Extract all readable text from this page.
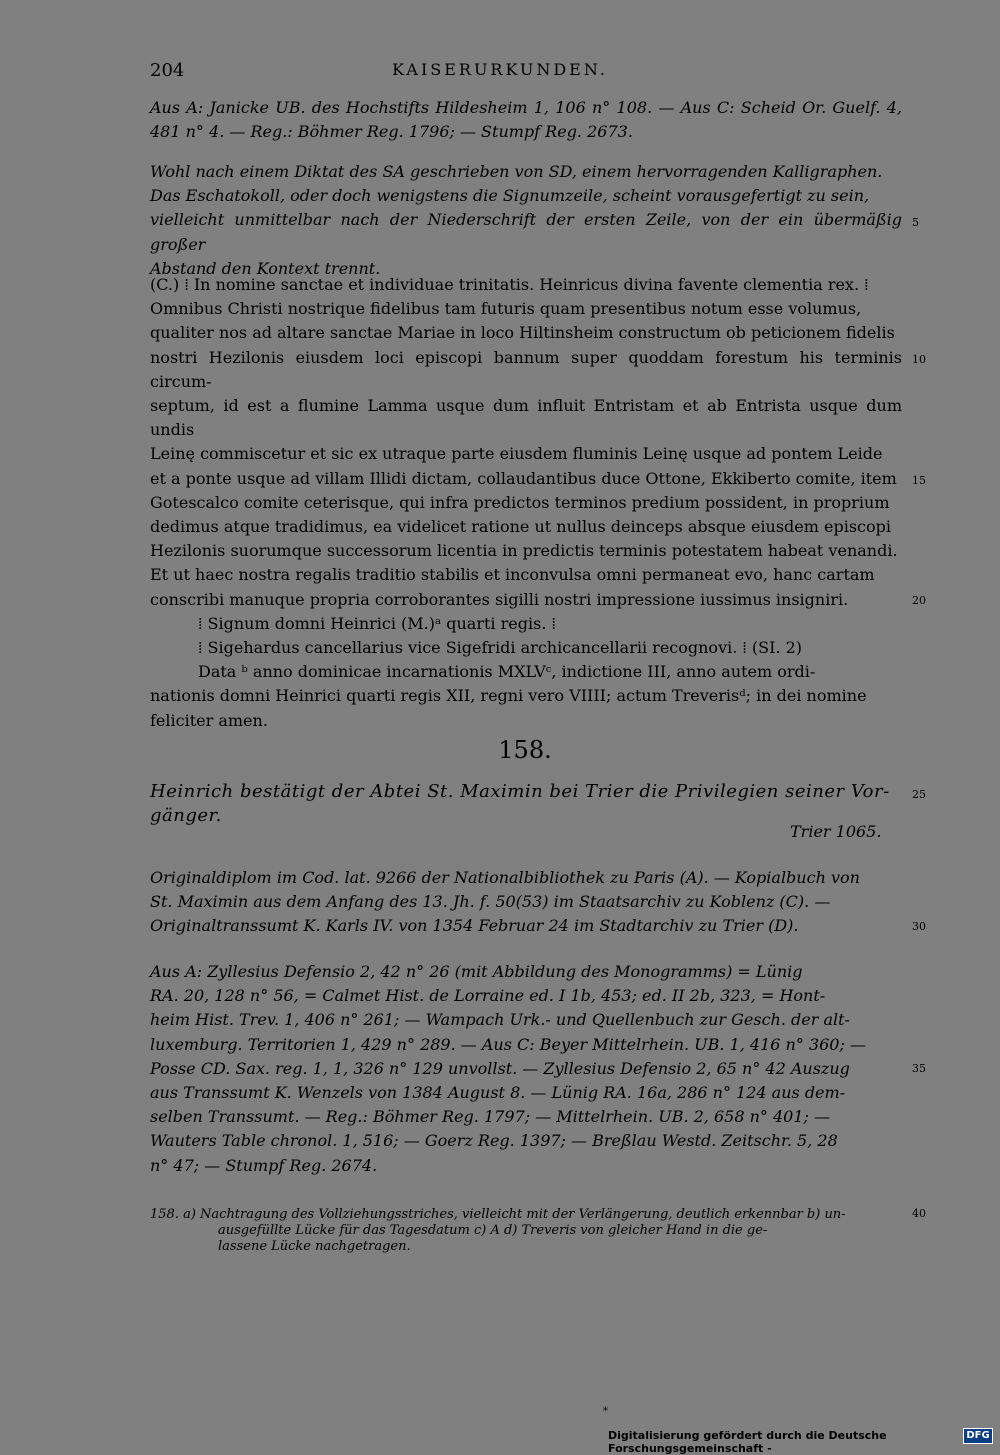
204	KAISERURKUNDEN.
Aus A: Janicke UB. des Hochstifts Hildesheim 1, 106 n° 108. — Aus C: Scheid Or. Guelf. 4, 481 n° 4. — Reg.: Böhmer Reg. 1796; — Stumpf Reg. 2673.
Wohl nach einem Diktat des SA geschrieben von SD, einem hervorragenden Kalligraphen.
Das Eschatokoll, oder doch wenigstens die Signumzeile, scheint vorausgefertigt zu sein,
vielleicht unmittelbar nach der Niederschrift der ersten Zeile, von der ein übermäßig großer
Abstand den Kontext trennt.
(C.) ⁞ In nomine sanctae et individuae trinitatis. Heinricus divina favente clementia rex. ⁞
Omnibus Christi nostrique fidelibus tam futuris quam presentibus notum esse volumus,
qualiter nos ad altare sanctae Mariae in loco Hiltinsheim constructum ob peticionem fidelis
nostri Hezilonis eiusdem loci episcopi bannum super quoddam forestum his terminis circum-
septum, id est a flumine Lamma usque dum influit Entristam et ab Entrista usque dum undis
Leinę commiscetur et sic ex utraque parte eiusdem fluminis Leinę usque ad pontem Leide
et a ponte usque ad villam Illidi dictam, collaudantibus duce Ottone, Ekkiberto comite, item
Gotescalco comite ceterisque, qui infra predictos terminos predium possident, in proprium
dedimus atque tradidimus, ea videlicet ratione ut nullus deinceps absque eiusdem episcopi
Hezilonis suorumque successorum licentia in predictis terminis potestatem habeat venandi.
Et ut haec nostra regalis traditio stabilis et inconvulsa omni permaneat evo, hanc cartam
conscribi manuque propria corroborantes sigilli nostri impressione iussimus insigniri.
⁞ Signum domni Heinrici (M.)ᵃ quarti regis. ⁞
⁞ Sigehardus cancellarius vice Sigefridi archicancellarii recognovi. ⁞ (SI. 2)
Data ᵇ anno dominicae incarnationis MXLVᶜ, indictione III, anno autem ordi-
nationis domni Heinrici quarti regis XII, regni vero VIIII; actum Treverisᵈ; in dei nomine
feliciter amen.
158.
Heinrich bestätigt der Abtei St. Maximin bei Trier die Privilegien seiner Vor-
gänger.
Trier 1065.
Originaldiplom im Cod. lat. 9266 der Nationalbibliothek zu Paris (A). — Kopialbuch von
St. Maximin aus dem Anfang des 13. Jh. f. 50(53) im Staatsarchiv zu Koblenz (C). —
Originaltranssumt K. Karls IV. von 1354 Februar 24 im Stadtarchiv zu Trier (D).
Aus A: Zyllesius Defensio 2, 42 n° 26 (mit Abbildung des Monogramms) = Lünig
RA. 20, 128 n° 56, = Calmet Hist. de Lorraine ed. I 1b, 453; ed. II 2b, 323, = Hont-
heim Hist. Trev. 1, 406 n° 261; — Wampach Urk.- und Quellenbuch zur Gesch. der alt-
luxemburg. Territorien 1, 429 n° 289. — Aus C: Beyer Mittelrhein. UB. 1, 416 n° 360; —
Posse CD. Sax. reg. 1, 1, 326 n° 129 unvollst. — Zyllesius Defensio 2, 65 n° 42 Auszug
aus Transsumt K. Wenzels von 1384 August 8. — Lünig RA. 16a, 286 n° 124 aus dem-
selben Transsumt. — Reg.: Böhmer Reg. 1797; — Mittelrhein. UB. 2, 658 n° 401; —
Wauters Table chronol. 1, 516; — Goerz Reg. 1397; — Breßlau Westd. Zeitschr. 5, 28
n° 47; — Stumpf Reg. 2674.
158. a) Nachtragung des Vollziehungsstriches, vielleicht mit der Verlängerung, deutlich erkennbar b) un-
ausgefüllte Lücke für das Tagesdatum c) A d) Treveris von gleicher Hand in die ge-
lassene Lücke nachgetragen.
5
10
15
20
25
30
35
40
*
Digitalisierung gefördert durch die Deutsche Forschungsgemeinschaft -
DFG
